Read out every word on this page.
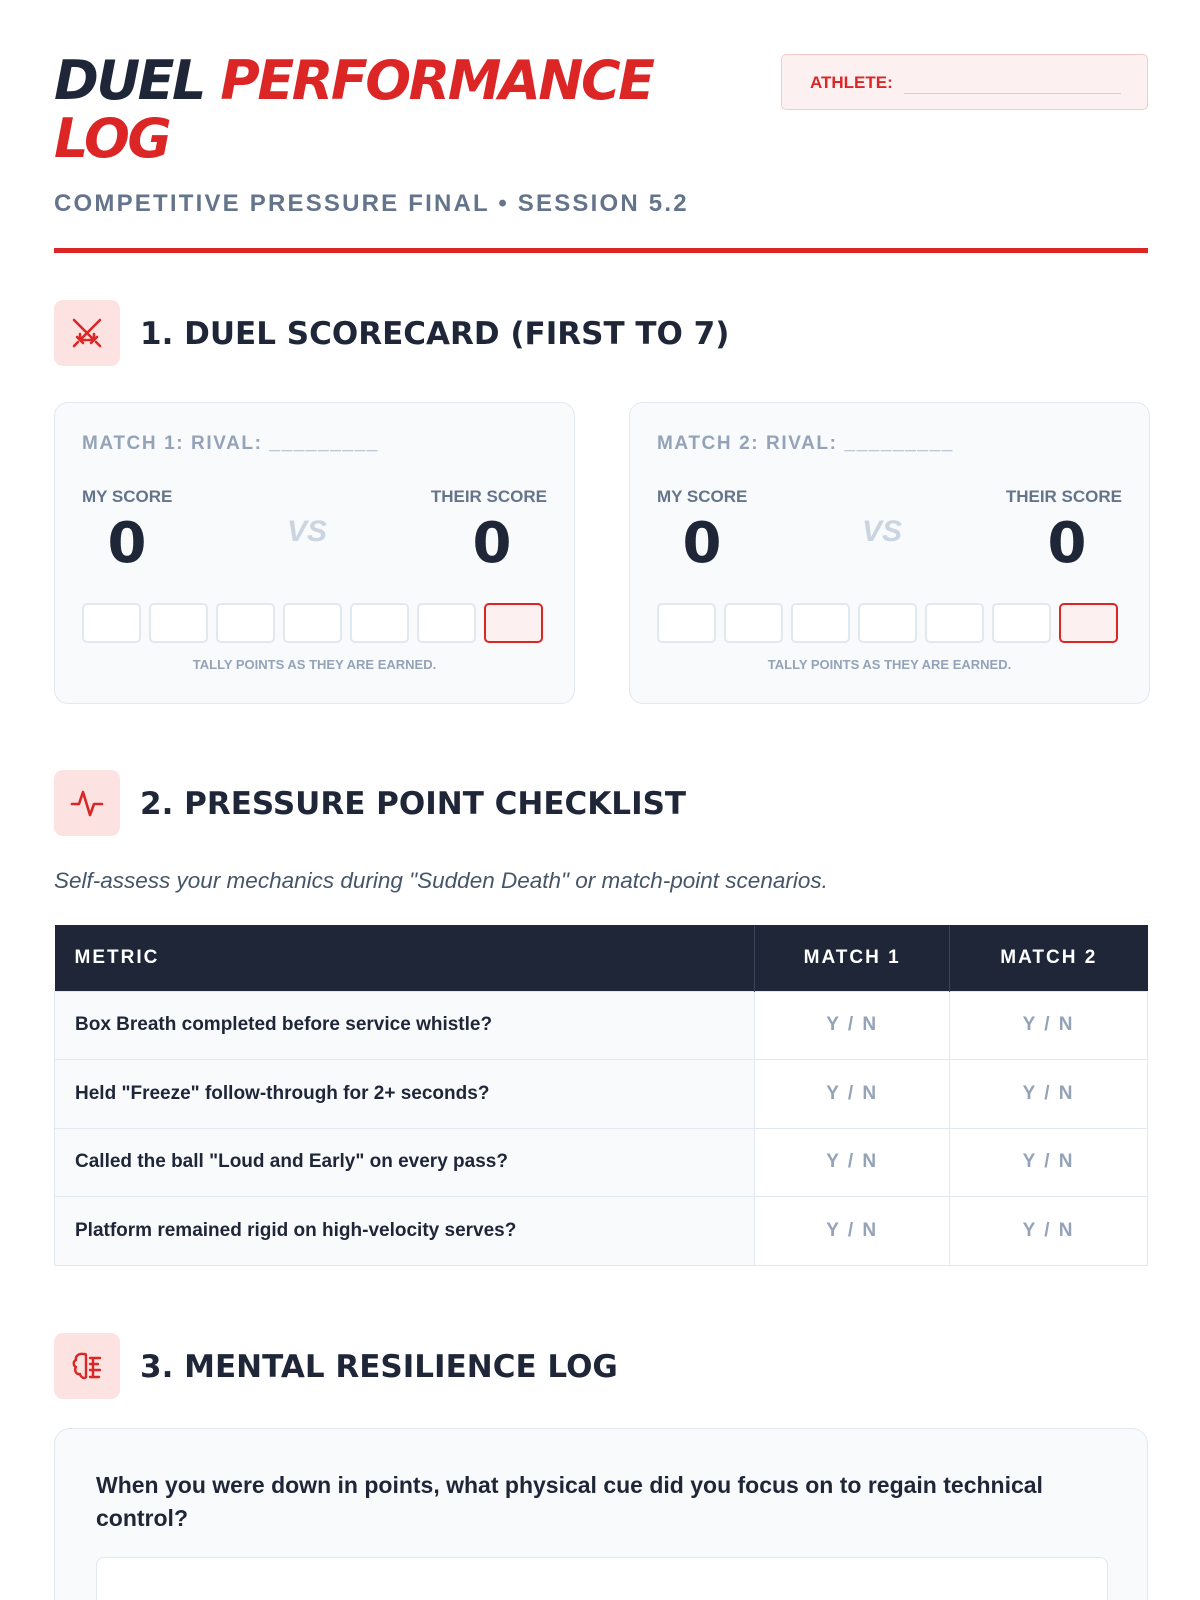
DUEL PERFORMANCE LOG
COMPETITIVE PRESSURE FINAL • SESSION 5.2
ATHLETE:
1. DUEL SCORECARD (FIRST TO 7)
MATCH 1: RIVAL: _________
MY SCORE	THEIR SCORE
0	0
VS
TALLY POINTS AS THEY ARE EARNED.
MATCH 2: RIVAL: _________
MY SCORE	THEIR SCORE
0	0
VS
TALLY POINTS AS THEY ARE EARNED.
2. PRESSURE POINT CHECKLIST
Self-assess your mechanics during "Sudden Death" or match-point scenarios.
METRIC	MATCH 1	MATCH 2
Box Breath completed before service whistle?	Y / N	Y / N
Held "Freeze" follow-through for 2+ seconds?	Y / N	Y / N
Called the ball "Loud and Early" on every pass?	Y / N	Y / N
Platform remained rigid on high-velocity serves?	Y / N	Y / N
3. MENTAL RESILIENCE LOG
When you were down in points, what physical cue did you focus on to regain technical control?
